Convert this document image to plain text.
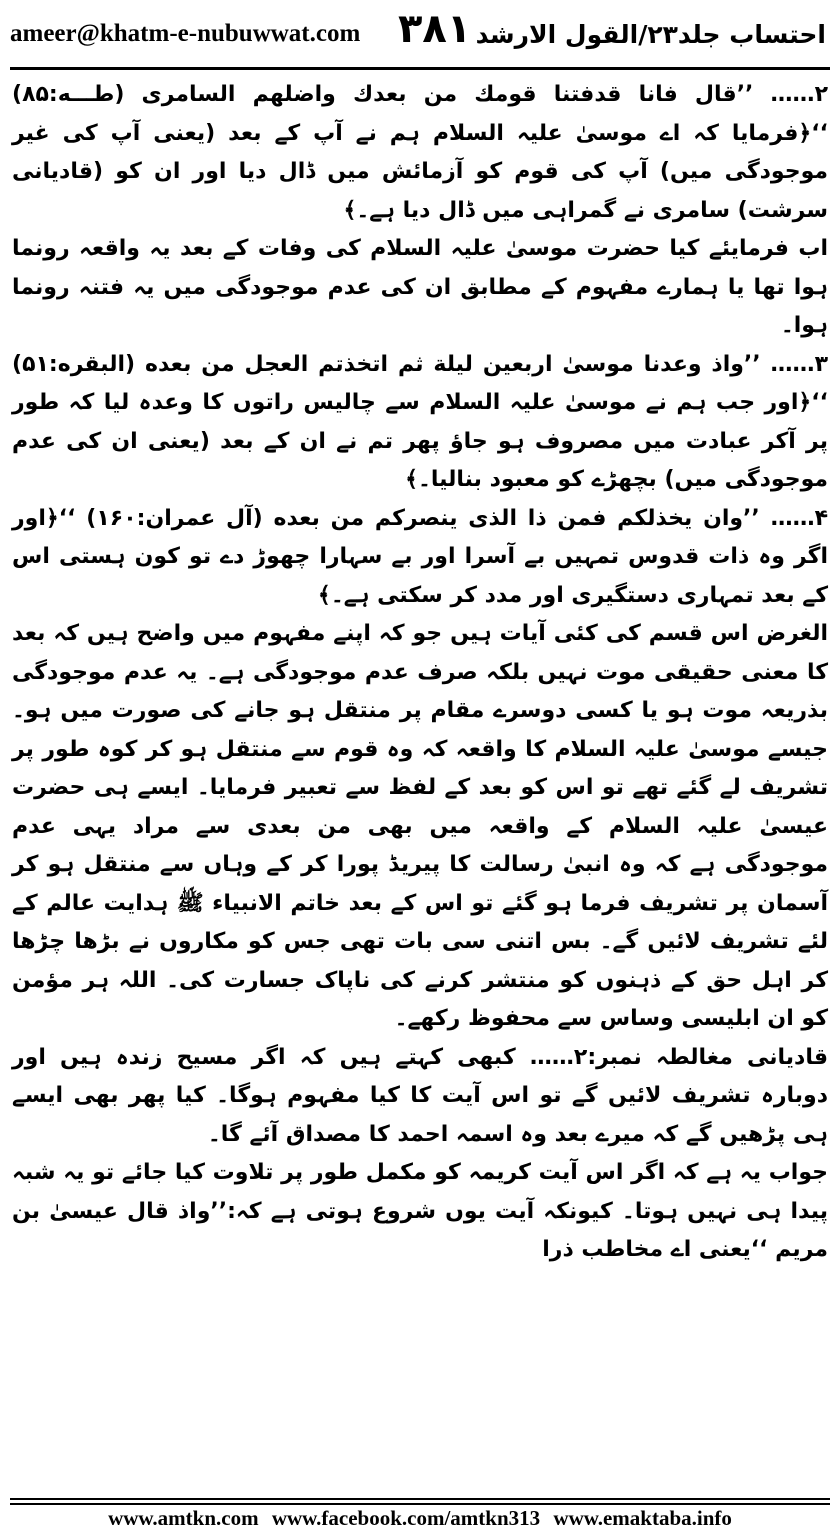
ameer@khatm-e-nubuwwat.com ۳۸۱ احتساب جلد۲۳/القول الارشد

۲…… ’’قال فانا قدفتنا قومك من بعدك واضلهم السامری (طـــه:۸۵) ‘‘﴿فرمایا کہ اے موسیٰ علیہ السلام ہم نے آپ کے بعد (یعنی آپ کی غیر موجودگی میں) آپ کی قوم کو آزمائش میں ڈال دیا اور ان کو (قادیانی سرشت) سامری نے گمراہی میں ڈال دیا ہے۔﴾

اب فرمایئے کیا حضرت موسیٰ علیہ السلام کی وفات کے بعد یہ واقعہ رونما ہوا تھا یا ہمارے مفہوم کے مطابق ان کی عدم موجودگی میں یہ فتنہ رونما ہوا۔

۳…… ’’واذ وعدنا موسیٰ اربعین لیلة ثم اتخذتم العجل من بعده (البقره:۵۱) ‘‘﴿اور جب ہم نے موسیٰ علیہ السلام سے چالیس راتوں کا وعدہ لیا کہ طور پر آکر عبادت میں مصروف ہو جاؤ پھر تم نے ان کے بعد (یعنی ان کی عدم موجودگی میں) بچھڑے کو معبود بنالیا۔﴾

۴…… ’’وان یخذلکم فمن ذا الذی ینصرکم من بعده (آل عمران:۱۶۰) ‘‘﴿اور اگر وہ ذات قدوس تمہیں بے آسرا اور بے سہارا چھوڑ دے تو کون ہستی اس کے بعد تمہاری دستگیری اور مدد کر سکتی ہے۔﴾

الغرض اس قسم کی کئی آیات ہیں جو کہ اپنے مفہوم میں واضح ہیں کہ بعد کا معنی حقیقی موت نہیں بلکہ صرف عدم موجودگی ہے۔ یہ عدم موجودگی بذریعہ موت ہو یا کسی دوسرے مقام پر منتقل ہو جانے کی صورت میں ہو۔ جیسے موسیٰ علیہ السلام کا واقعہ کہ وہ قوم سے منتقل ہو کر کوہ طور پر تشریف لے گئے تھے تو اس کو بعد کے لفظ سے تعبیر فرمایا۔ ایسے ہی حضرت عیسیٰ علیہ السلام کے واقعہ میں بھی من بعدی سے مراد یہی عدم موجودگی ہے کہ وہ انبیٰ رسالت کا پیریڈ پورا کر کے وہاں سے منتقل ہو کر آسمان پر تشریف فرما ہو گئے تو اس کے بعد خاتم الانبیاء ﷺ ہدایت عالم کے لئے تشریف لائیں گے۔ بس اتنی سی بات تھی جس کو مکاروں نے بڑھا چڑھا کر اہل حق کے ذہنوں کو منتشر کرنے کی ناپاک جسارت کی۔ اللہ ہر مؤمن کو ان ابلیسی وساس سے محفوظ رکھے۔

قادیانی مغالطہ نمبر:۲…… کبھی کہتے ہیں کہ اگر مسیح زندہ ہیں اور دوبارہ تشریف لائیں گے تو اس آیت کا کیا مفہوم ہوگا۔ کیا پھر بھی ایسے ہی پڑھیں گے کہ میرے بعد وہ اسمہ احمد کا مصداق آئے گا۔

جواب یہ ہے کہ اگر اس آیت کریمہ کو مکمل طور پر تلاوت کیا جائے تو یہ شبہ پیدا ہی نہیں ہوتا۔ کیونکہ آیت یوں شروع ہوتی ہے کہ:’’واذ قال عیسیٰ بن مریم ‘‘یعنی اے مخاطب ذرا

www.amtkn.com www.facebook.com/amtkn313 www.emaktaba.info
